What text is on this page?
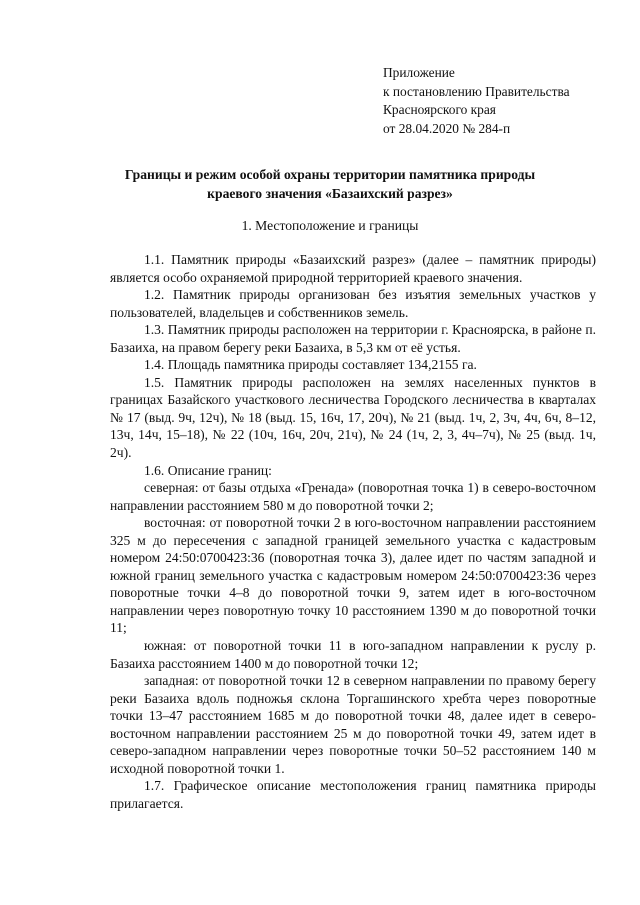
Приложение
к постановлению Правительства
Красноярского края
от 28.04.2020 № 284-п
Границы и режим особой охраны территории памятника природы
краевого значения «Базаихский разрез»
1. Местоположение и границы

1.1. Памятник природы «Базаихский разрез» (далее – памятник природы) является особо охраняемой природной территорией краевого значения.

1.2. Памятник природы организован без изъятия земельных участков у пользователей, владельцев и собственников земель.

1.3. Памятник природы расположен на территории г. Красноярска, в районе п. Базаиха, на правом берегу реки Базаиха, в 5,3 км от её устья.

1.4. Площадь памятника природы составляет 134,2155 га.

1.5. Памятник природы расположен на землях населенных пунктов в границах Базайского участкового лесничества Городского лесничества в кварталах № 17 (выд. 9ч, 12ч), № 18 (выд. 15, 16ч, 17, 20ч), № 21 (выд. 1ч, 2, 3ч, 4ч, 6ч, 8–12, 13ч, 14ч, 15–18), № 22 (10ч, 16ч, 20ч, 21ч), № 24 (1ч, 2, 3, 4ч–7ч), № 25 (выд. 1ч, 2ч).

1.6. Описание границ:

северная: от базы отдыха «Гренада» (поворотная точка 1) в северо-восточном направлении расстоянием 580 м до поворотной точки 2;

восточная: от поворотной точки 2 в юго-восточном направлении расстоянием 325 м до пересечения с западной границей земельного участка с кадастровым номером 24:50:0700423:36 (поворотная точка 3), далее идет по частям западной и южной границ земельного участка с кадастровым номером 24:50:0700423:36 через поворотные точки 4–8 до поворотной точки 9, затем идет в юго-восточном направлении через поворотную точку 10 расстоянием 1390 м до поворотной точки 11;

южная: от поворотной точки 11 в юго-западном направлении к руслу р. Базаиха расстоянием 1400 м до поворотной точки 12;

западная: от поворотной точки 12 в северном направлении по правому берегу реки Базаиха вдоль подножья склона Торгашинского хребта через поворотные точки 13–47 расстоянием 1685 м до поворотной точки 48, далее идет в северо-восточном направлении расстоянием 25 м до поворотной точки 49, затем идет в северо-западном направлении через поворотные точки 50–52 расстоянием 140 м исходной поворотной точки 1.

1.7. Графическое описание местоположения границ памятника природы прилагается.
